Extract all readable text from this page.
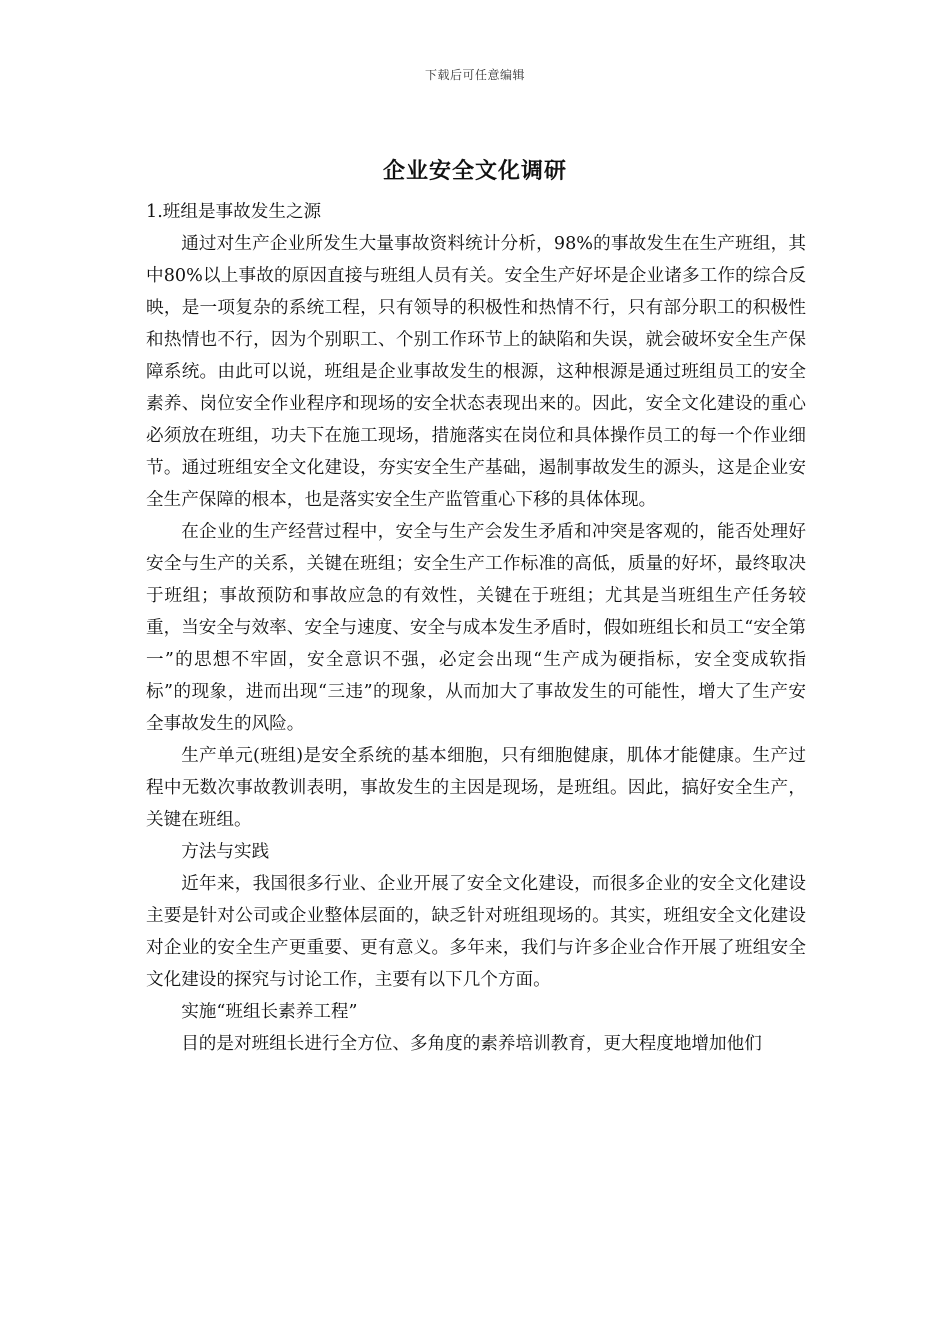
下载后可任意编辑
企业安全文化调研

1.班组是事故发生之源

通过对生产企业所发生大量事故资料统计分析，98%的事故发生在生产班组，其中80%以上事故的原因直接与班组人员有关。安全生产好坏是企业诸多工作的综合反映，是一项复杂的系统工程，只有领导的积极性和热情不行，只有部分职工的积极性和热情也不行，因为个别职工、个别工作环节上的缺陷和失误，就会破坏安全生产保障系统。由此可以说，班组是企业事故发生的根源，这种根源是通过班组员工的安全素养、岗位安全作业程序和现场的安全状态表现出来的。因此，安全文化建设的重心必须放在班组，功夫下在施工现场，措施落实在岗位和具体操作员工的每一个作业细节。通过班组安全文化建设，夯实安全生产基础，遏制事故发生的源头，这是企业安全生产保障的根本，也是落实安全生产监管重心下移的具体体现。

在企业的生产经营过程中，安全与生产会发生矛盾和冲突是客观的，能否处理好安全与生产的关系，关键在班组；安全生产工作标准的高低，质量的好坏，最终取决于班组；事故预防和事故应急的有效性，关键在于班组；尤其是当班组生产任务较重，当安全与效率、安全与速度、安全与成本发生矛盾时，假如班组长和员工“安全第一”的思想不牢固，安全意识不强，必定会出现“生产成为硬指标，安全变成软指标”的现象，进而出现“三违”的现象，从而加大了事故发生的可能性，增大了生产安全事故发生的风险。

生产单元(班组)是安全系统的基本细胞，只有细胞健康，肌体才能健康。生产过程中无数次事故教训表明，事故发生的主因是现场，是班组。因此，搞好安全生产，关键在班组。

方法与实践

近年来，我国很多行业、企业开展了安全文化建设，而很多企业的安全文化建设主要是针对公司或企业整体层面的，缺乏针对班组现场的。其实，班组安全文化建设对企业的安全生产更重要、更有意义。多年来，我们与许多企业合作开展了班组安全文化建设的探究与讨论工作，主要有以下几个方面。

实施“班组长素养工程”

目的是对班组长进行全方位、多角度的素养培训教育，更大程度地增加他们
